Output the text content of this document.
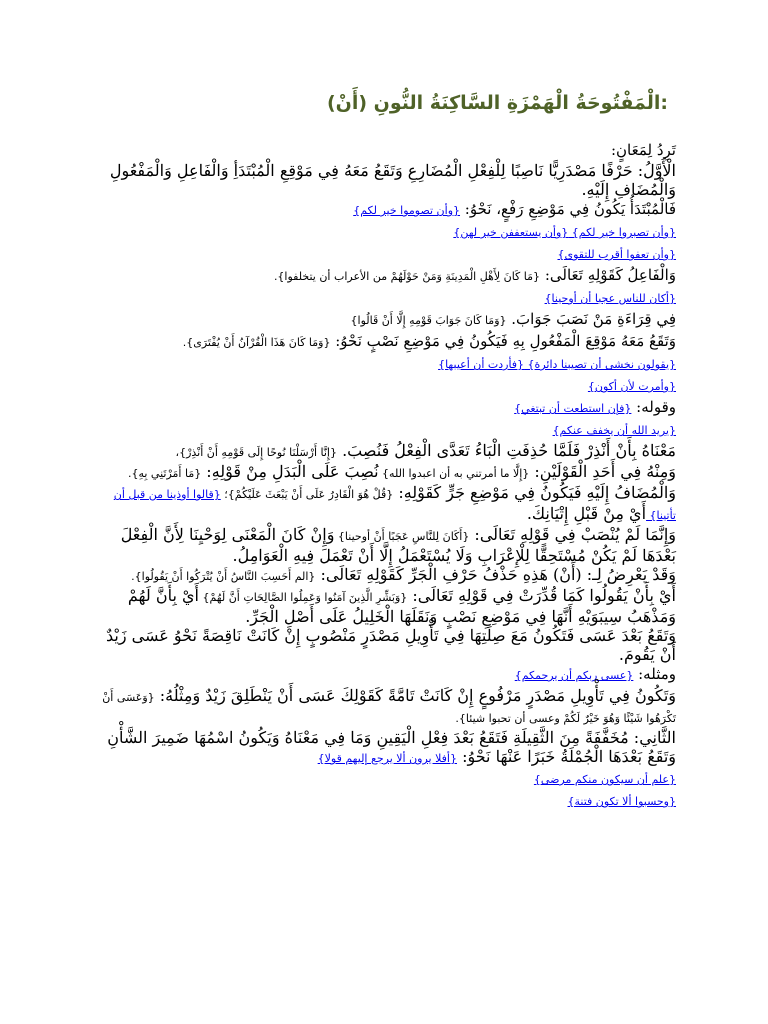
:الْمَفْتُوحَةُ الْهَمْزَةِ السَّاكِنَةُ النُّونِ (أَنْ)
تَرِدُ لِمَعَانٍ:
الْأَوَّلُ: حَرْفًا مَصْدَرِيًّا نَاصِبًا لِلْفِعْلِ الْمُضَارِعِ وَتَقَعُ مَعَهُ فِي مَوْقِعِ الْمُبْتَدَأِ وَالْفَاعِلِ وَالْمَفْعُولِ وَالْمُضَافِ إِلَيْهِ.
فَالْمُبْتَدَأُ يَكُونُ فِي مَوْضِعِ رَفْعٍ، نَحْوُ: {وأن تصوموا خير لكم}
{وأن تصبروا خير لكم} {وأن يستعففن خير لهن}
{وأن تعفوا أقرب للتقوى}
وَالْفَاعِلُ كَقَوْلِهِ تَعَالَى: {مَا كَانَ لِأَهْلِ الْمَدِينَةِ وَمَنْ حَوْلَهُمْ من الأعراب أن يتخلفوا}.
{أكان للناس عجبا أن أوحينا}
فِي قِرَاءَةِ مَنْ نَصَبَ جَوَابَ. {وَمَا كَانَ جَوَابَ قَوْمِهِ إِلَّا أَنْ قَالُوا}
وَتَقَعُ مَعَهُ مَوْقِعَ الْمَفْعُولِ بِهِ فَيَكُونُ فِي مَوْضِعِ نَصْبٍ نَحْوُ: {وَمَا كَانَ هَذَا الْقُرْآنُ أَنْ يُفْتَرَى}.
{يقولون نخشى أن تصيبنا دائرة} {فأردت أن أعيبها}
{وأمرت لأن أكون}
وقوله: {فإن استطعت أن تبتغي}
{يريد الله أن يخفف عنكم}
مَعْنَاهُ بِأَنْ أَنْذِرْ فَلَمَّا حُذِفَتِ الْبَاءُ تَعَدَّى الْفِعْلُ فَنُصِبَ. {إِنَّا أَرْسَلْنَا نُوحًا إِلَى قَوْمِهِ أَنْ أَنْذِرْ}،
وَمِنْهُ فِي أَحَدِ الْقَوْلَيْنِ: {إِلَّا ما أمرتني به أن اعبدوا الله} نُصِبَ عَلَى الْبَدَلِ مِنْ قَوْلِهِ: {مَا أَمَرْتَنِي بِهِ}.
وَالْمُضَافُ إِلَيْهِ فَيَكُونُ فِي مَوْضِعِ جَرٍّ كَقَوْلِهِ: {قُلْ هُوَ الْقَادِرُ عَلَى أَنْ يَبْعَثَ عَلَيْكُمْ}؛ {قالوا أوذينا من قبل أن تأتينا} أَيْ مِنْ قَبْلِ إِتْيَانِكَ.
وَإِنَّمَا لَمْ يُنْصَبْ فِي قَوْلِهِ تَعَالَى: {أَكَانَ لِلنَّاسِ عَجَبًا أَنْ أوحينا} وَإِنْ كَانَ الْمَعْنَى لِوَحْيِنَا لِأَنَّ الْفِعْلَ بَعْدَهَا لَمْ يَكُنْ مُسْتَحِقًّا لِلْإِعْرَابِ وَلَا يُسْتَعْمَلُ إِلَّا أَنْ تَعْمَلَ فِيهِ الْعَوَامِلُ.
وَقَدْ يَعْرِضُ لِـ: (أَنْ) هَذِهِ حَذْفُ حَرْفِ الْجَرِّ كَقَوْلِهِ تَعَالَى: {الم أَحَسِبَ النَّاسُ أَنْ يُتْرَكُوا أَنْ يَقُولُوا}.
أَيْ بِأَنْ يَقُولُوا كَمَا قُدِّرَتْ فِي قَوْلِهِ تَعَالَى: {وَبَشِّرِ الَّذِينَ آمَنُوا وَعَمِلُوا الصَّالِحَاتِ أَنَّ لَهُمْ} أَيْ بِأَنَّ لَهُمْ وَمَذْهَبُ سِيبَوَيْهِ أَنَّهَا فِي مَوْضِعِ نَصْبٍ وَنَقَلَهَا الْخَلِيلُ عَلَى أَصْلِ الْجَرِّ.
وَتَقَعُ بَعْدَ عَسَى فَتَكُونُ مَعَ صِلَتِهَا فِي تَأْوِيلِ مَصْدَرٍ مَنْصُوبٍ إِنْ كَانَتْ نَاقِصَةً نَحْوُ عَسَى زَيْدٌ أَنْ يَقُومَ.
ومثله: {عسى ربكم أن يرحمكم}
وَتَكُونُ فِي تَأْوِيلِ مَصْدَرٍ مَرْفُوعٍ إِنْ كَانَتْ تَامَّةً كَقَوْلِكَ عَسَى أَنْ يَنْطَلِقَ زَيْدٌ وَمِثْلُهُ: {وَعَسَى أَنْ تَكْرَهُوا شَيْئًا وَهُوَ خَيْرٌ لَكُمْ وعسى أن تحبوا شيئا}.
الثَّانِي: مُخَفَّفَةً مِنَ الثَّقِيلَةِ فَتَقَعُ بَعْدَ فِعْلِ الْيَقِينِ وَمَا فِي مَعْنَاهُ وَيَكُونُ اسْمُهَا ضَمِيرَ الشَّأْنِ وَتَقَعُ بَعْدَهَا الْجُمْلَةُ خَبَرًا عَنْهَا نَحْوُ: {أفلا يرون ألا يرجع إليهم قولا}
{علم أن سيكون منكم مرضى}
{وحسبوا ألا تكون فتنة}
